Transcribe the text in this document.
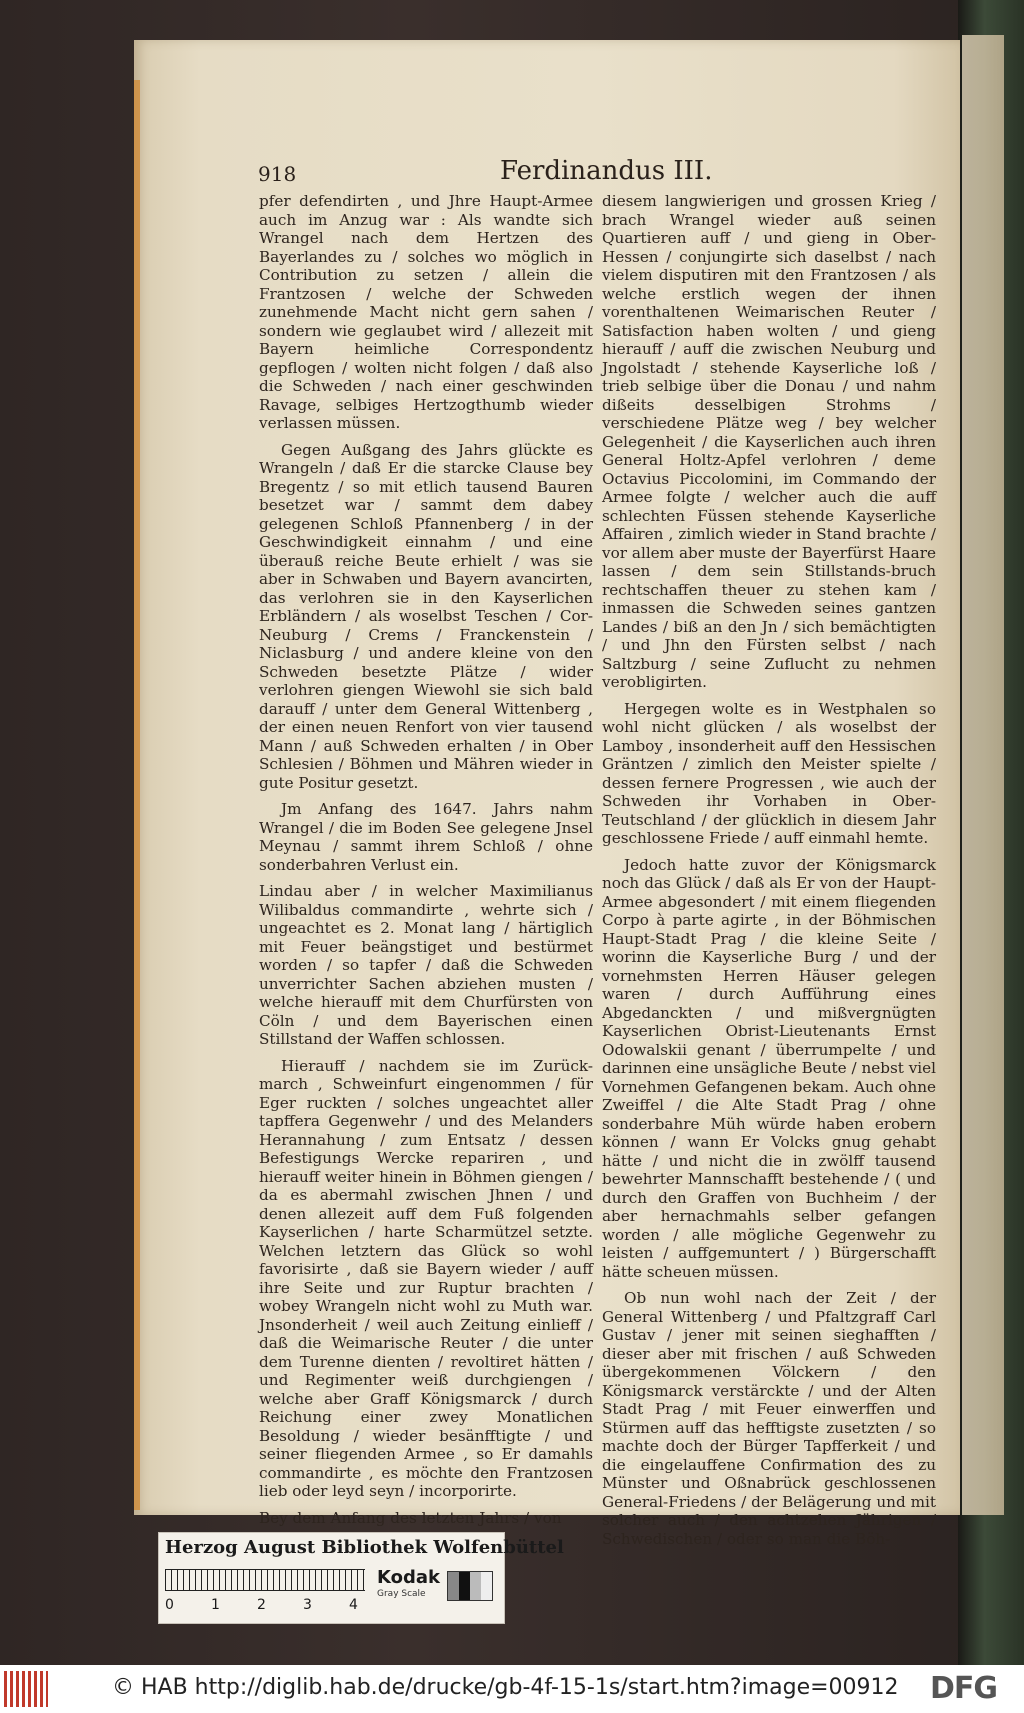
918	Ferdinandus III.

pfer defendirten , und Jhre Haupt-Armee auch im Anzug war : Als wandte sich Wrangel nach dem Hertzen des Bayerlandes zu / solches wo möglich in Contribution zu setzen / allein die Frantzosen / welche der Schweden zunehmende Macht nicht gern sahen / sondern wie geglaubet wird / allezeit mit Bayern heimliche Correspondentz gepflogen / wolten nicht folgen / daß also die Schweden / nach einer geschwinden Ravage, selbiges Hertzogthumb wieder verlassen müssen.

Gegen Außgang des Jahrs glückte es Wrangeln / daß Er die starcke Clause bey Bregentz / so mit etlich tausend Bauren besetzet war / sammt dem dabey gelegenen Schloß Pfannenberg / in der Geschwindigkeit einnahm / und eine überauß reiche Beute erhielt / was sie aber in Schwaben und Bayern avancirten, das verlohren sie in den Kayserlichen Erbländern / als woselbst Teschen / Cor-Neuburg / Crems / Franckenstein / Niclasburg / und andere kleine von den Schweden besetzte Plätze / wider verlohren giengen Wiewohl sie sich bald darauff / unter dem General Wittenberg , der einen neuen Renfort von vier tausend Mann / auß Schweden erhalten / in Ober Schlesien / Böhmen und Mähren wieder in gute Positur gesetzt.

Jm Anfang des 1647. Jahrs nahm Wrangel / die im Boden See gelegene Jnsel Meynau / sammt ihrem Schloß / ohne sonderbahren Verlust ein.

Lindau aber / in welcher Maximilianus Wilibaldus commandirte , wehrte sich / ungeachtet es 2. Monat lang / härtiglich mit Feuer beängstiget und bestürmet worden / so tapfer / daß die Schweden unverrichter Sachen abziehen musten / welche hierauff mit dem Churfürsten von Cöln / und dem Bayerischen einen Stillstand der Waffen schlossen.

Hierauff / nachdem sie im Zurück-march , Schweinfurt eingenommen / für Eger ruckten / solches ungeachtet aller tapffera Gegenwehr / und des Melanders Herannahung / zum Entsatz / dessen Befestigungs Wercke repariren , und hierauff weiter hinein in Böhmen giengen / da es abermahl zwischen Jhnen / und denen allezeit auff dem Fuß folgenden Kayserlichen / harte Scharmützel setzte. Welchen letztern das Glück so wohl favorisirte , daß sie Bayern wieder / auff ihre Seite und zur Ruptur brachten / wobey Wrangeln nicht wohl zu Muth war. Jnsonderheit / weil auch Zeitung einlieff / daß die Weimarische Reuter / die unter dem Turenne dienten / revoltiret hätten / und Regimenter weiß durchgiengen / welche aber Graff Königsmarck / durch Reichung einer zwey Monatlichen Besoldung / wieder besänfftigte / und seiner fliegenden Armee , so Er damahls commandirte , es möchte den Frantzosen lieb oder leyd seyn / incorporirte.

Bey dem Anfang des letzten Jahrs / von

diesem langwierigen und grossen Krieg / brach Wrangel wieder auß seinen Quartieren auff / und gieng in Ober-Hessen / conjungirte sich daselbst / nach vielem disputiren mit den Frantzosen / als welche erstlich wegen der ihnen vorenthaltenen Weimarischen Reuter / Satisfaction haben wolten / und gieng hierauff / auff die zwischen Neuburg und Jngolstadt / stehende Kayserliche loß / trieb selbige über die Donau / und nahm dißeits desselbigen Strohms / verschiedene Plätze weg / bey welcher Gelegenheit / die Kayserlichen auch ihren General Holtz-Apfel verlohren / deme Octavius Piccolomini, im Commando der Armee folgte / welcher auch die auff schlechten Füssen stehende Kayserliche Affairen , zimlich wieder in Stand brachte / vor allem aber muste der Bayerfürst Haare lassen / dem sein Stillstands-bruch rechtschaffen theuer zu stehen kam / inmassen die Schweden seines gantzen Landes / biß an den Jn / sich bemächtigten / und Jhn den Fürsten selbst / nach Saltzburg / seine Zuflucht zu nehmen verobligirten.

Hergegen wolte es in Westphalen so wohl nicht glücken / als woselbst der Lamboy , insonderheit auff den Hessischen Gräntzen / zimlich den Meister spielte / dessen fernere Progressen , wie auch der Schweden ihr Vorhaben in Ober-Teutschland / der glücklich in diesem Jahr geschlossene Friede / auff einmahl hemte.

Jedoch hatte zuvor der Königsmarck noch das Glück / daß als Er von der Haupt-Armee abgesondert / mit einem fliegenden Corpo à parte agirte , in der Böhmischen Haupt-Stadt Prag / die kleine Seite / worinn die Kayserliche Burg / und der vornehmsten Herren Häuser gelegen waren / durch Aufführung eines Abgedanckten / und mißvergnügten Kayserlichen Obrist-Lieutenants Ernst Odowalskii genant / überrumpelte / und darinnen eine unsägliche Beute / nebst viel Vornehmen Gefangenen bekam. Auch ohne Zweiffel / die Alte Stadt Prag / ohne sonderbahre Müh würde haben erobern können / wann Er Volcks gnug gehabt hätte / und nicht die in zwölff tausend bewehrter Mannschafft bestehende / ( und durch den Graffen von Buchheim / der aber hernachmahls selber gefangen worden / alle mögliche Gegenwehr zu leisten / auffgemuntert / ) Bürgerschafft hätte scheuen müssen.

Ob nun wohl nach der Zeit / der General Wittenberg / und Pfaltzgraff Carl Gustav / jener mit seinen sieghafften / dieser aber mit frischen / auß Schweden übergekommenen Völckern / den Königsmarck verstärckte / und der Alten Stadt Prag / mit Feuer einwerffen und Stürmen auff das hefftigste zusetzten / so machte doch der Bürger Tapfferkeit / und die eingelauffene Confirmation des zu Münster und Oßnabrück geschlossenen General-Friedens / der Belägerung und mit solcher auch / den achtzehen Jährigen / Schwedischen / oder so man die Böh-

Herzog August Bibliothek Wolfenbüttel
0	1	2	3	4
Kodak
Gray Scale
© HAB http://diglib.hab.de/drucke/gb-4f-15-1s/start.htm?image=00912 DFG
